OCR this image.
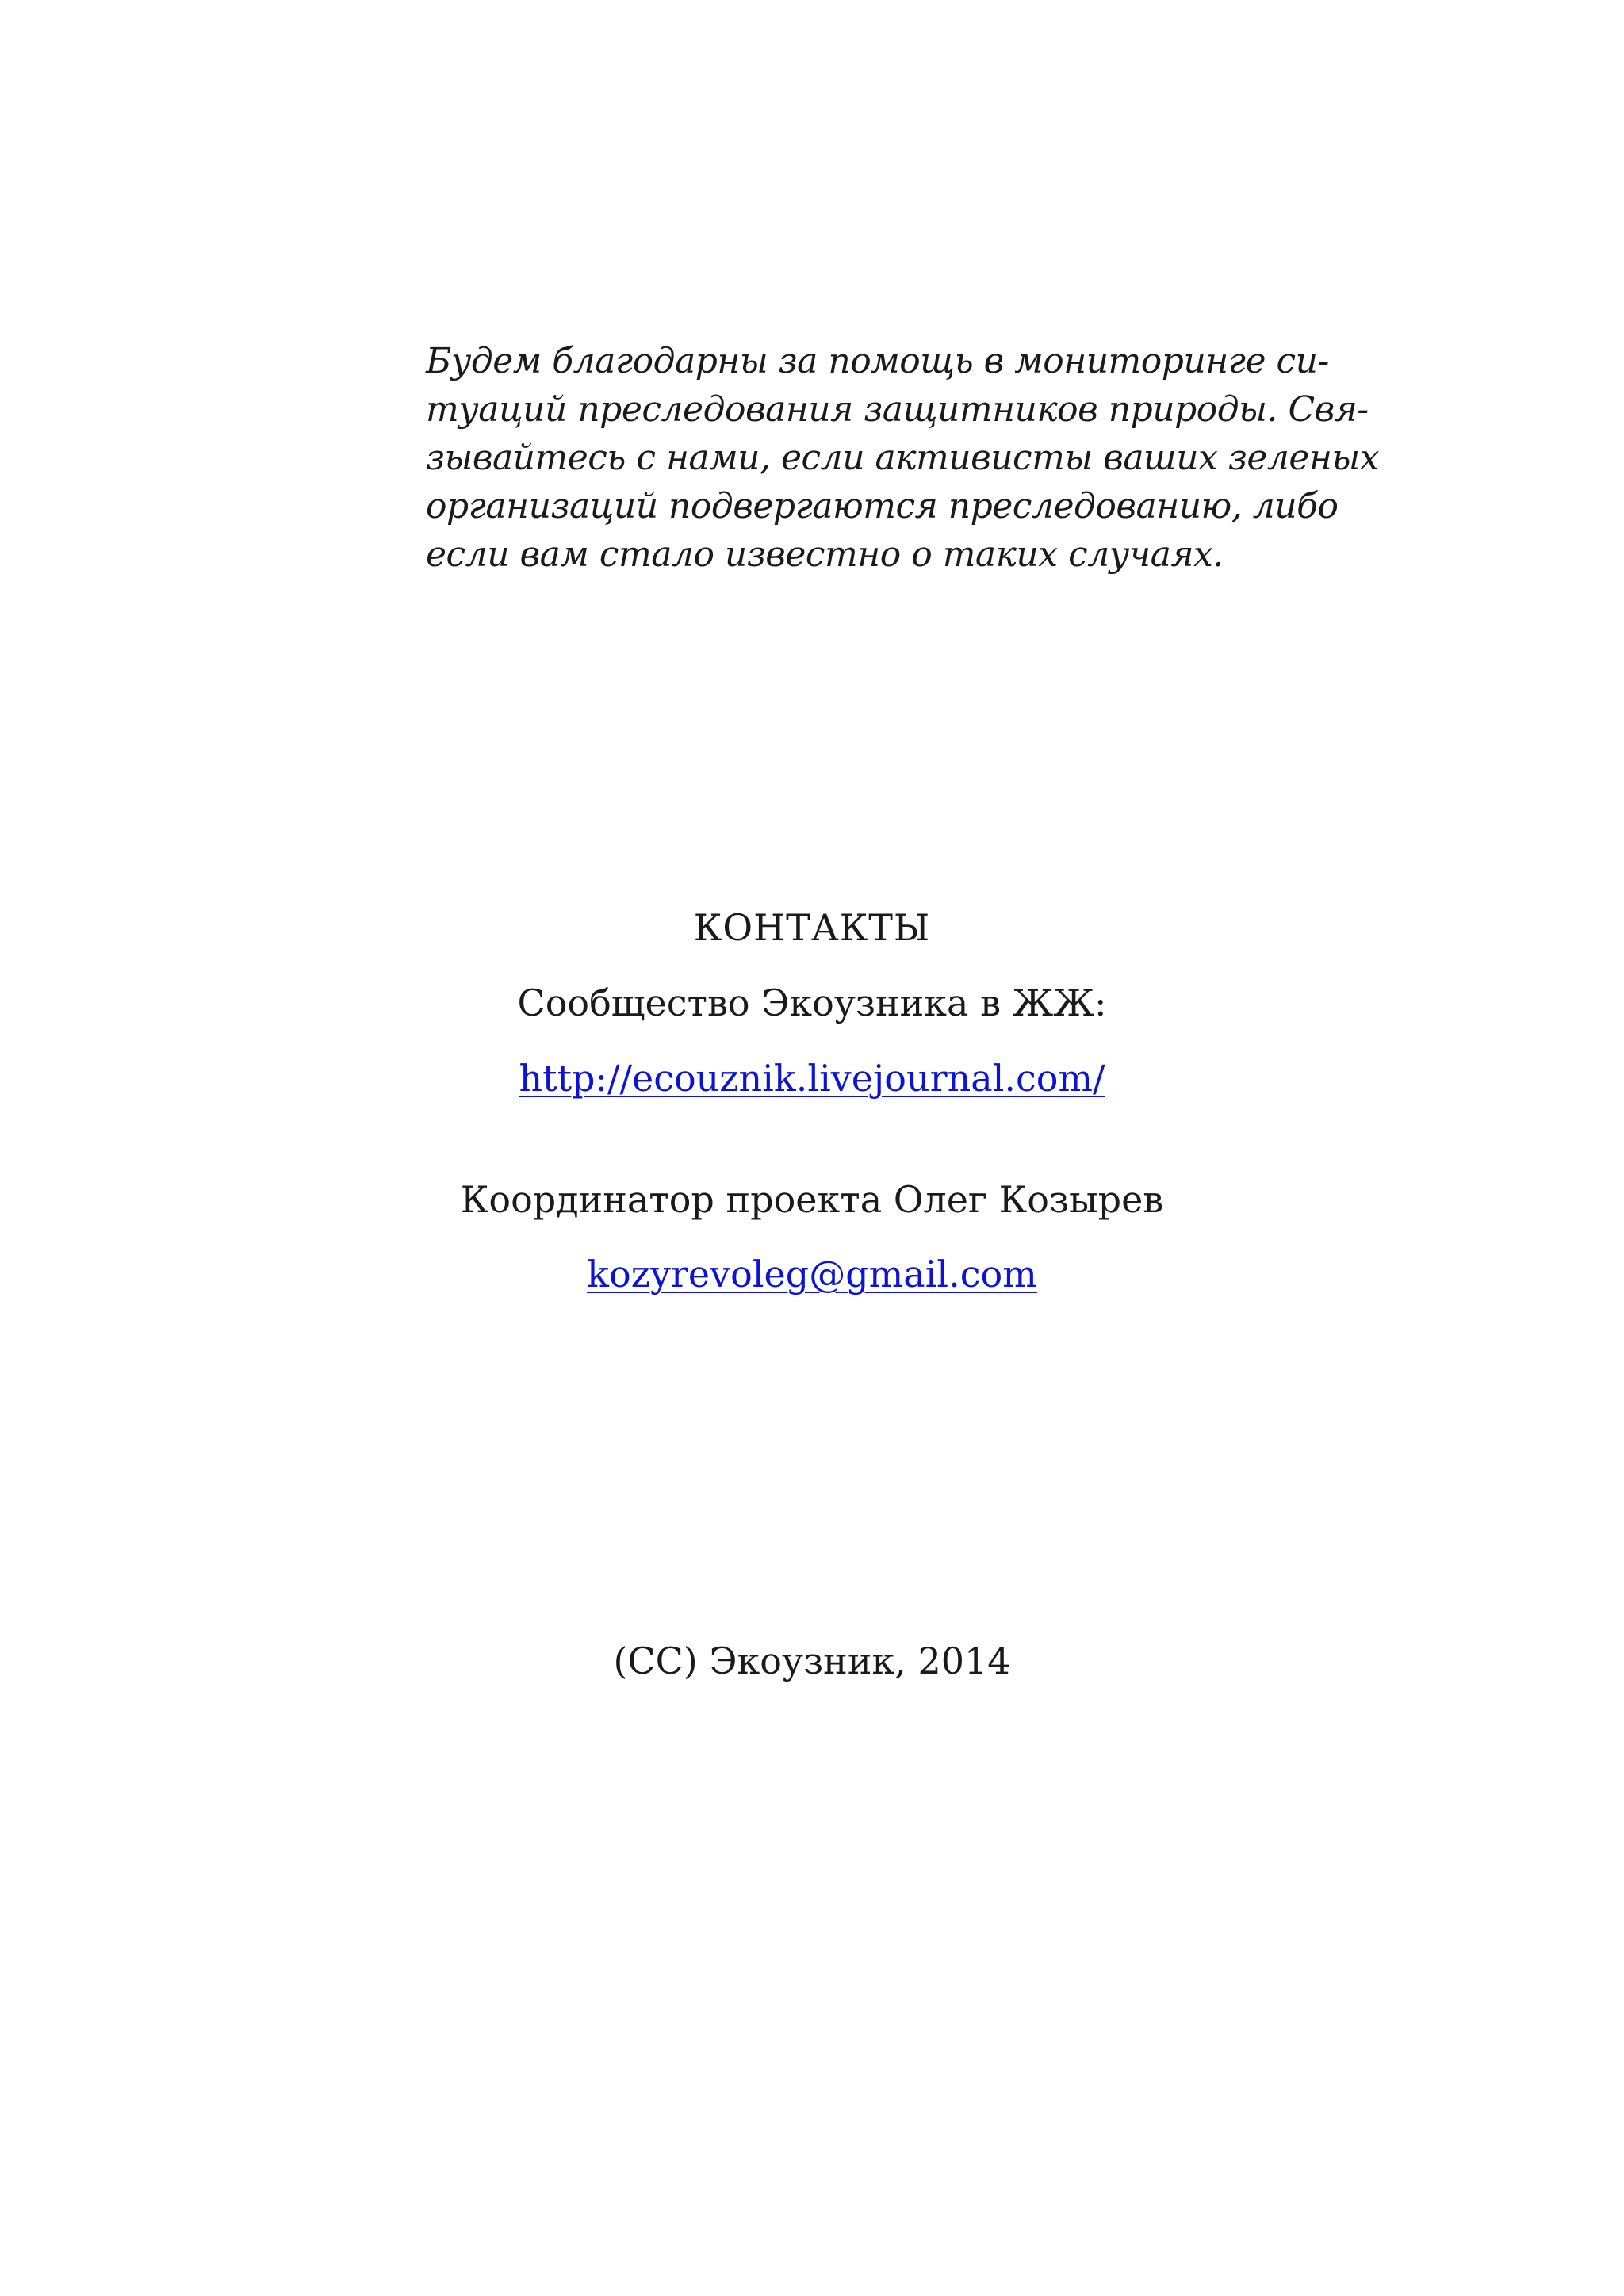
Будем благодарны за помощь в мониторинге си-
туаций преследования защитников природы. Свя-
зывайтесь с нами, если активисты ваших зеленых
организаций подвергаются преследованию, либо
если вам стало известно о таких случаях.

КОНТАКТЫ

Сообщество Экоузника в ЖЖ:

http://ecouznik.livejournal.com/

Координатор проекта Олег Козырев

kozyrevoleg@gmail.com

(CC) Экоузник, 2014
